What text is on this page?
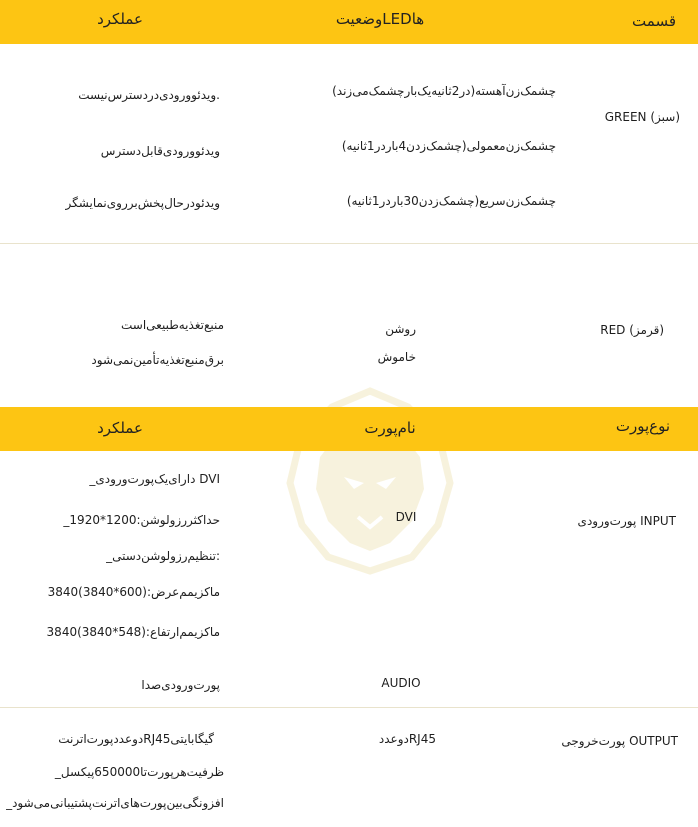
قسمت
وضعیتLEDها
عملکرد
GREEN (سبز)
چشمک‌زن‌آهسته(در2ثانیه‌یک‌بارچشمک‌می‌زند)
چشمک‌زن‌معمولی(چشمک‌زدن‌4باردر1ثانیه)
چشمک‌زن‌سریع(چشمک‌زدن30باردر1ثانیه)
ویدئوورودی‌دردسترس‌نیست.
ویدئوورودی‌قابل‌دسترس
ویدئودرحال‌پخش‌برروی‌نمایشگر
RED (قرمز)
روشن
خاموش
منبع‌تغذیه‌طبیعی‌است
برق‌منبع‌تغذیه‌تأمین‌نمی‌شود
نوع‌پورت
نام‌پورت
عملکرد
پورت‌ورودی INPUT
DVI
_دارای‌یک‌پورت‌ورودی DVI
_حداکثررزولوشن:1200*1920
_تنظیم‌رزولوشن‌دستی:
ماکزیمم‌عرض:(600*3840)3840
ماکزیمم‌ارتفاع:(548*3840)3840
AUDIO
پورت‌ورودی‌صدا
پورت‌خروجی OUTPUT
دوعددRJ45
دوعددپورت‌اترنت‌RJ45گیگابایتی
_ظرفیت‌هرپورت‌تا650000پیکسل
_افزونگی‌بین‌پورت‌های‌اترنت‌پشتیبانی‌می‌شود
